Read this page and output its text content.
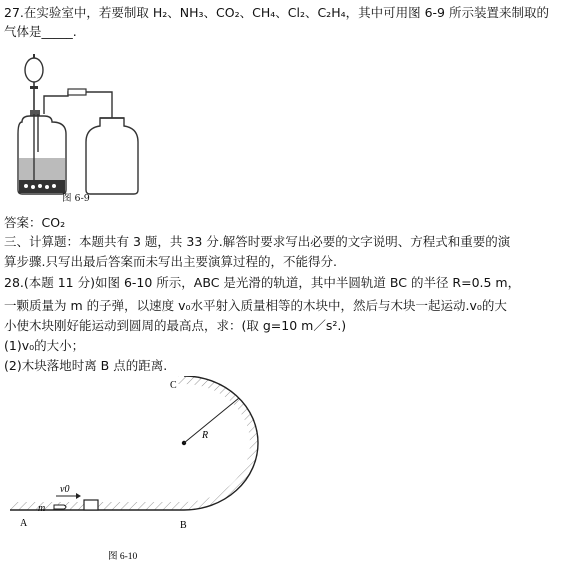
27.在实验室中，若要制取 H₂、NH₃、CO₂、CH₄、Cl₂、C₂H₄，其中可用图 6-9 所示装置来制取的
气体是_____.
图 6-9
答案：CO₂
三、计算题：本题共有 3 题，共 33 分.解答时要求写出必要的文字说明、方程式和重要的演
算步骤.只写出最后答案而未写出主要演算过程的，不能得分.
28.(本题 11 分)如图 6-10 所示，ABC 是光滑的轨道，其中半圆轨道 BC 的半径 R=0.5 m，
一颗质量为 m 的子弹，以速度 v₀水平射入质量相等的木块中，然后与木块一起运动.v₀的大
小使木块刚好能运动到圆周的最高点，求：(取 g=10 m／s².)
(1)v₀的大小；
(2)木块落地时离 B 点的距离.
v0
m
A	B
C
R
图 6-10
